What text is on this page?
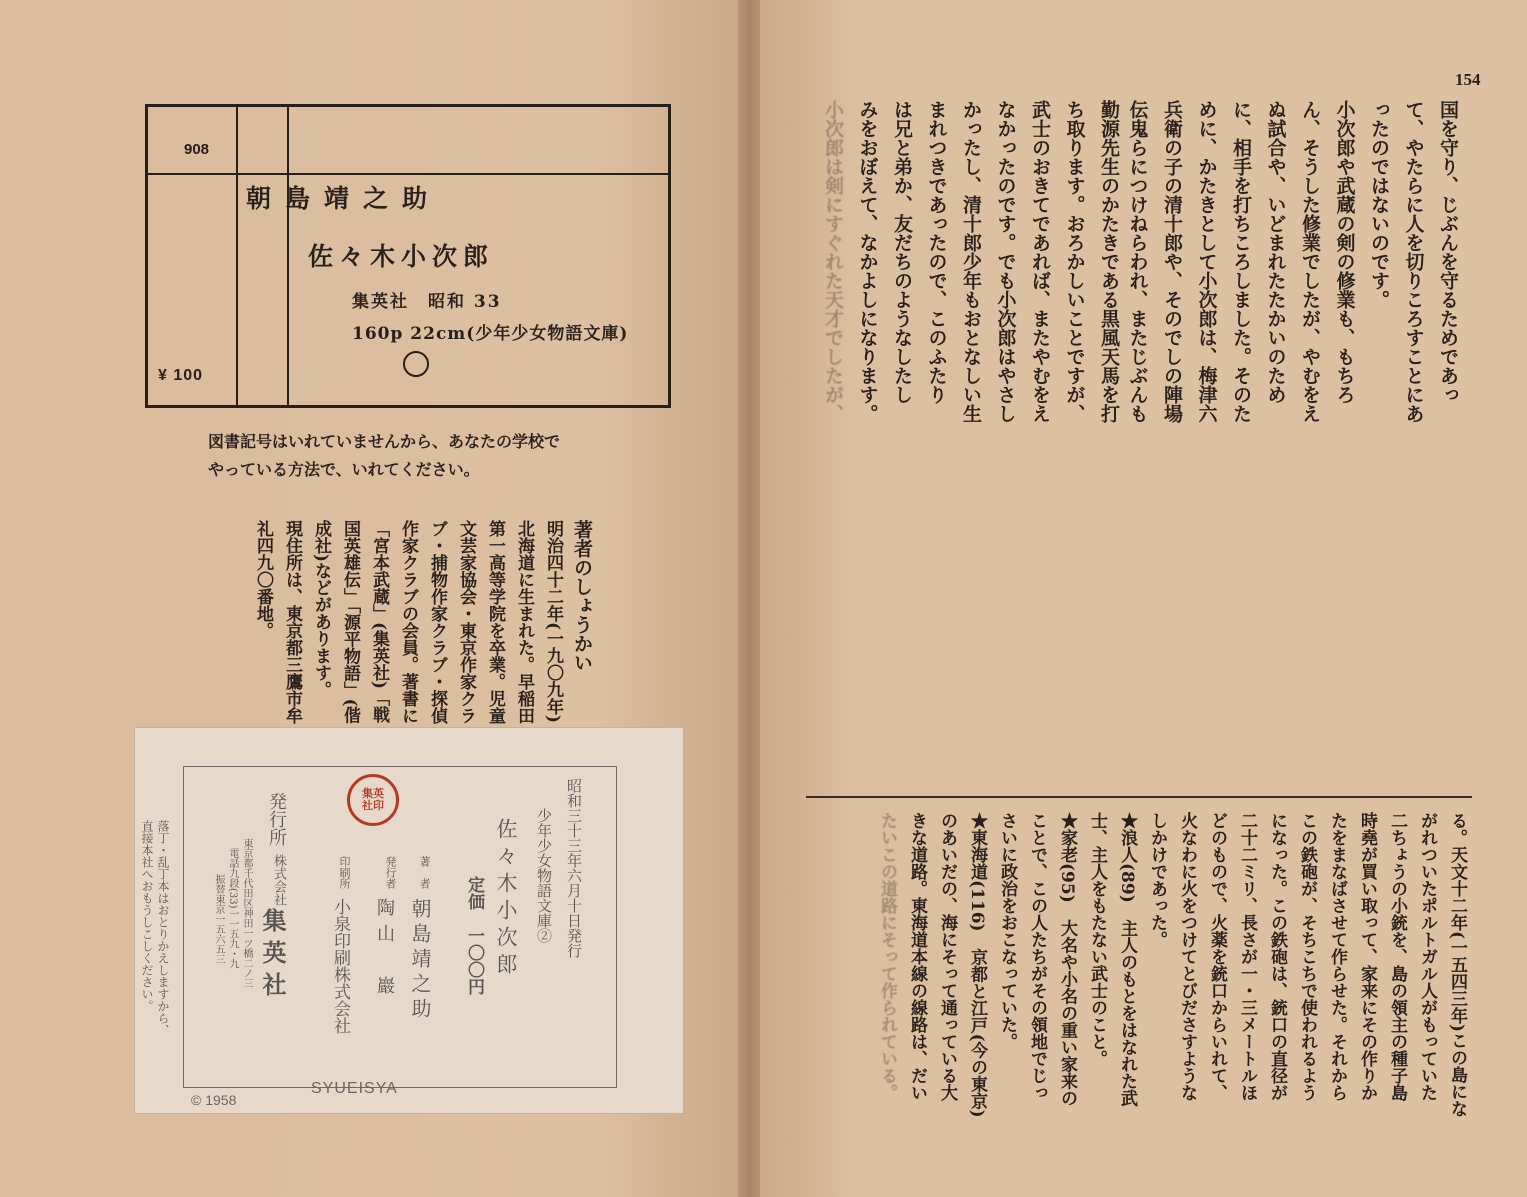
908
¥ 100
朝島靖之助
佐々木小次郎
集英社　昭和 33
160p 22cm(少年少女物語文庫)
図書記号はいれていませんから、あなたの学校で
やっている方法で、いれてください。
著者のしょうかい
明治四十二年(一九〇九年)
北海道に生まれた。早稲田
第一高等学院を卒業。児童
文芸家協会・東京作家クラ
ブ・捕物作家クラブ・探偵
作家クラブの会員。著書に
「宮本武蔵」(集英社)「戦
国英雄伝」「源平物語」(偕
成社)などがあります。
現住所は、東京都三鷹市牟
礼四九〇番地。
集英
社印	昭和三十三年六月十日発行
少年少女物語文庫②
佐々木小次郎
定価　一〇〇円
著　者
朝島靖之助
発行者
陶山　巖
印刷所
小泉印刷株式会社
発行所
株式会社
集英社
東京都千代田区神田一ツ橋二ノ三
電話九段(33)一一五九・九
振替東京一五六五三
落丁・乱丁本はおとりかえしますから、
直接本社へおもうしこしください。
© 1958
SYUEISYA
154
国を守り、じぶんを守るためであっ
て、やたらに人を切りころすことにあ
ったのではないのです。
小次郎や武蔵の剣の修業も、もちろ
ん、そうした修業でしたが、やむをえ
ぬ試合や、いどまれたたかいのため
に、相手を打ちころしました。そのた
めに、かたきとして小次郎は、梅津六
兵衛の子の清十郎や、そのでしの陣場
伝鬼らにつけねらわれ、またじぶんも
勤源先生のかたきである黒風天馬を打
ち取ります。おろかしいことですが、
武士のおきてであれば、またやむをえ
なかったのです。でも小次郎はやさし
かったし、清十郎少年もおとなしい生
まれつきであったので、このふたり
は兄と弟か、友だちのようなしたし
みをおぼえて、なかよしになります。
小次郎は剣にすぐれた天才でしたが、
る。天文十二年(一五四三年)この島にな
がれついたポルトガル人がもっていた
二ちょうの小銃を、島の領主の種子島
時堯が買い取って、家来にその作りか
たをまなばさせて作らせた。それから
この鉄砲が、そちこちで使われるよう
になった。この鉄砲は、銃口の直径が
二十二ミリ、長さが一・三メートルほ
どのもので、火薬を銃口からいれて、
火なわに火をつけてとびださすような
しかけであった。
★浪人(89)　主人のもとをはなれた武
士、主人をもたない武士のこと。
★家老(95)　大名や小名の重い家来の
ことで、この人たちがその領地でじっ
さいに政治をおこなっていた。
★東海道(116)　京都と江戸(今の東京)
のあいだの、海にそって通っている大
きな道路。東海道本線の線路は、だい
たいこの道路にそって作られている。
